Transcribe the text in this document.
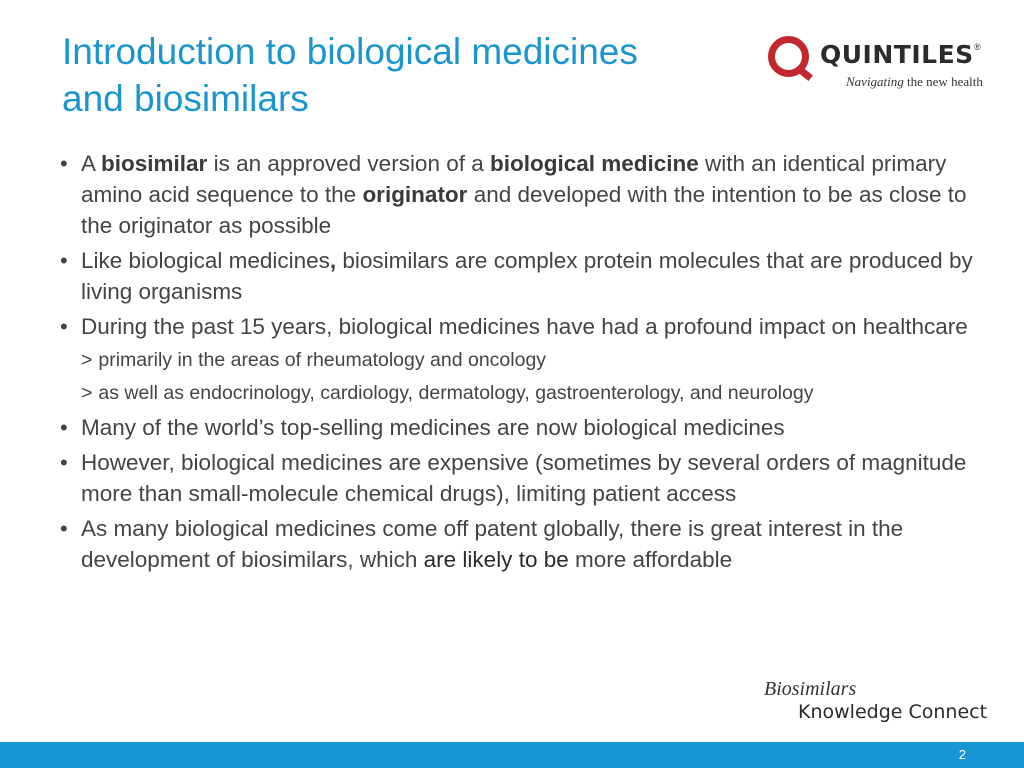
Introduction to biological medicines
and biosimilars
QUINTILES ®
Navigating the new health
• A biosimilar is an approved version of a biological medicine with an identical primary amino acid sequence to the originator and developed with the intention to be as close to the originator as possible
• Like biological medicines, biosimilars are complex protein molecules that are produced by living organisms
• During the past 15 years, biological medicines have had a profound impact on healthcare
> primarily in the areas of rheumatology and oncology
> as well as endocrinology, cardiology, dermatology, gastroenterology, and neurology
• Many of the world’s top-selling medicines are now biological medicines
• However, biological medicines are expensive (sometimes by several orders of magnitude more than small-molecule chemical drugs), limiting patient access
• As many biological medicines come off patent globally, there is great interest in the development of biosimilars, which are likely to be more affordable
Biosimilars
Knowledge Connect
2
